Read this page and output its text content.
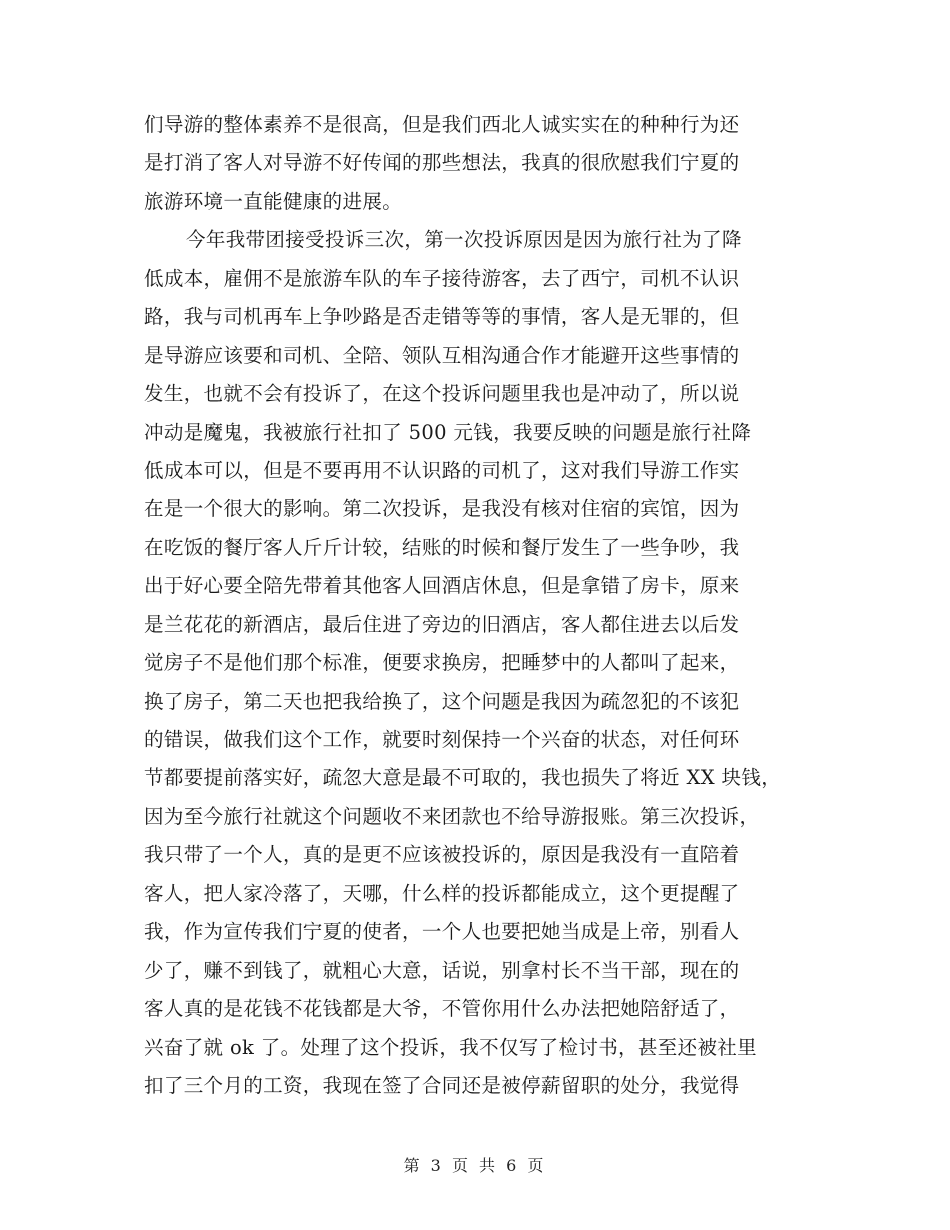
们导游的整体素养不是很高，但是我们西北人诚实实在的种种行为还
是打消了客人对导游不好传闻的那些想法，我真的很欣慰我们宁夏的
旅游环境一直能健康的进展。
今年我带团接受投诉三次，第一次投诉原因是因为旅行社为了降
低成本，雇佣不是旅游车队的车子接待游客，去了西宁，司机不认识
路，我与司机再车上争吵路是否走错等等的事情，客人是无罪的，但
是导游应该要和司机、全陪、领队互相沟通合作才能避开这些事情的
发生，也就不会有投诉了，在这个投诉问题里我也是冲动了，所以说
冲动是魔鬼，我被旅行社扣了 500 元钱，我要反映的问题是旅行社降
低成本可以，但是不要再用不认识路的司机了，这对我们导游工作实
在是一个很大的影响。第二次投诉，是我没有核对住宿的宾馆，因为
在吃饭的餐厅客人斤斤计较，结账的时候和餐厅发生了一些争吵，我
出于好心要全陪先带着其他客人回酒店休息，但是拿错了房卡，原来
是兰花花的新酒店，最后住进了旁边的旧酒店，客人都住进去以后发
觉房子不是他们那个标准，便要求换房，把睡梦中的人都叫了起来，
换了房子，第二天也把我给换了，这个问题是我因为疏忽犯的不该犯
的错误，做我们这个工作，就要时刻保持一个兴奋的状态，对任何环
节都要提前落实好，疏忽大意是最不可取的，我也损失了将近 XX 块钱，
因为至今旅行社就这个问题收不来团款也不给导游报账。第三次投诉，
我只带了一个人，真的是更不应该被投诉的，原因是我没有一直陪着
客人，把人家冷落了，天哪，什么样的投诉都能成立，这个更提醒了
我，作为宣传我们宁夏的使者，一个人也要把她当成是上帝，别看人
少了，赚不到钱了，就粗心大意，话说，别拿村长不当干部，现在的
客人真的是花钱不花钱都是大爷，不管你用什么办法把她陪舒适了，
兴奋了就 ok 了。处理了这个投诉，我不仅写了检讨书，甚至还被社里
扣了三个月的工资，我现在签了合同还是被停薪留职的处分，我觉得
第 3 页 共 6 页
